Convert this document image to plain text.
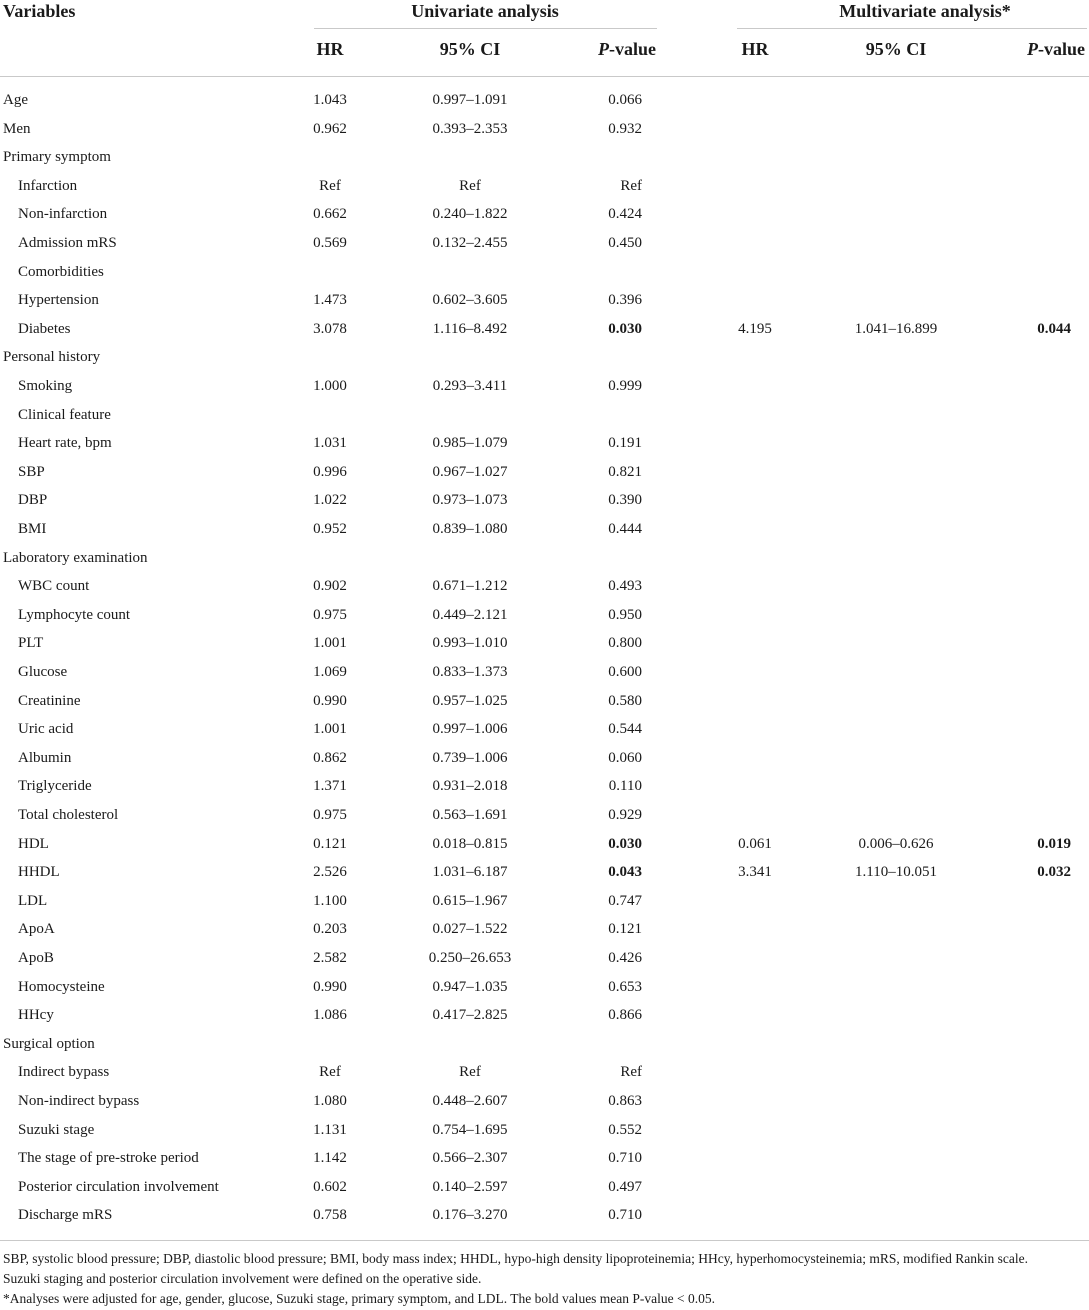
Variables	Univariate analysis	Multivariate analysis*
HR	95% CI	P-value	HR	95% CI	P-value
Age	1.043	0.997–1.091	0.066
Men	0.962	0.393–2.353	0.932
Primary symptom
Infarction	Ref	Ref	Ref
Non-infarction	0.662	0.240–1.822	0.424
Admission mRS	0.569	0.132–2.455	0.450
Comorbidities
Hypertension	1.473	0.602–3.605	0.396
Diabetes	3.078	1.116–8.492	0.030	4.195	1.041–16.899	0.044
Personal history
Smoking	1.000	0.293–3.411	0.999
Clinical feature
Heart rate, bpm	1.031	0.985–1.079	0.191
SBP	0.996	0.967–1.027	0.821
DBP	1.022	0.973–1.073	0.390
BMI	0.952	0.839–1.080	0.444
Laboratory examination
WBC count	0.902	0.671–1.212	0.493
Lymphocyte count	0.975	0.449–2.121	0.950
PLT	1.001	0.993–1.010	0.800
Glucose	1.069	0.833–1.373	0.600
Creatinine	0.990	0.957–1.025	0.580
Uric acid	1.001	0.997–1.006	0.544
Albumin	0.862	0.739–1.006	0.060
Triglyceride	1.371	0.931–2.018	0.110
Total cholesterol	0.975	0.563–1.691	0.929
HDL	0.121	0.018–0.815	0.030	0.061	0.006–0.626	0.019
HHDL	2.526	1.031–6.187	0.043	3.341	1.110–10.051	0.032
LDL	1.100	0.615–1.967	0.747
ApoA	0.203	0.027–1.522	0.121
ApoB	2.582	0.250–26.653	0.426
Homocysteine	0.990	0.947–1.035	0.653
HHcy	1.086	0.417–2.825	0.866
Surgical option
Indirect bypass	Ref	Ref	Ref
Non-indirect bypass	1.080	0.448–2.607	0.863
Suzuki stage	1.131	0.754–1.695	0.552
The stage of pre-stroke period	1.142	0.566–2.307	0.710
Posterior circulation involvement	0.602	0.140–2.597	0.497
Discharge mRS	0.758	0.176–3.270	0.710
SBP, systolic blood pressure; DBP, diastolic blood pressure; BMI, body mass index; HHDL, hypo-high density lipoproteinemia; HHcy, hyperhomocysteinemia; mRS, modified Rankin scale.
Suzuki staging and posterior circulation involvement were defined on the operative side.
*Analyses were adjusted for age, gender, glucose, Suzuki stage, primary symptom, and LDL. The bold values mean P-value < 0.05.
